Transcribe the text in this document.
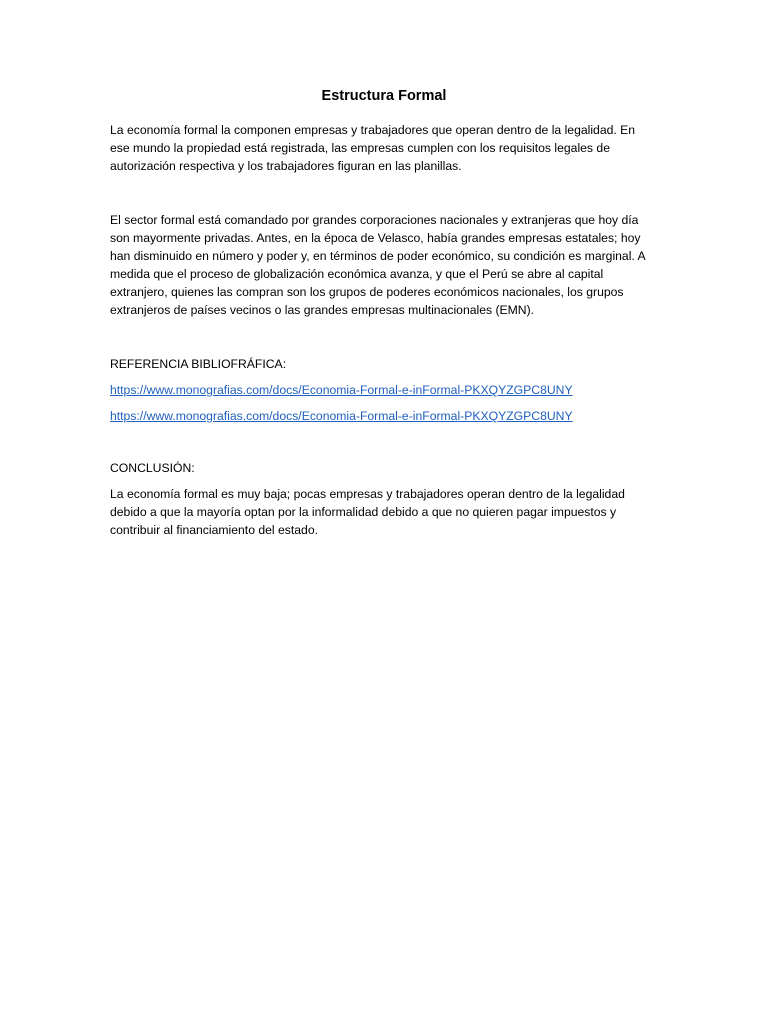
Estructura Formal

La economía formal la componen empresas y trabajadores que operan dentro de la legalidad. En ese mundo la propiedad está registrada, las empresas cumplen con los requisitos legales de autorización respectiva y los trabajadores figuran en las planillas.

El sector formal está comandado por grandes corporaciones nacionales y extranjeras que hoy día son mayormente privadas. Antes, en la época de Velasco, había grandes empresas estatales; hoy han disminuido en número y poder y, en términos de poder económico, su condición es marginal. A medida que el proceso de globalización económica avanza, y que el Perú se abre al capital extranjero, quienes las compran son los grupos de poderes económicos nacionales, los grupos extranjeros de países vecinos o las grandes empresas multinacionales (EMN).

REFERENCIA BIBLIOFRÁFICA:

https://www.monografias.com/docs/Economia-Formal-e-inFormal-PKXQYZGPC8UNY
https://www.monografias.com/docs/Economia-Formal-e-inFormal-PKXQYZGPC8UNY

CONCLUSIÓN:

La economía formal es muy baja; pocas empresas y trabajadores operan dentro de la legalidad debido a que la mayoría optan por la informalidad debido a que no quieren pagar impuestos y contribuir al financiamiento del estado.
